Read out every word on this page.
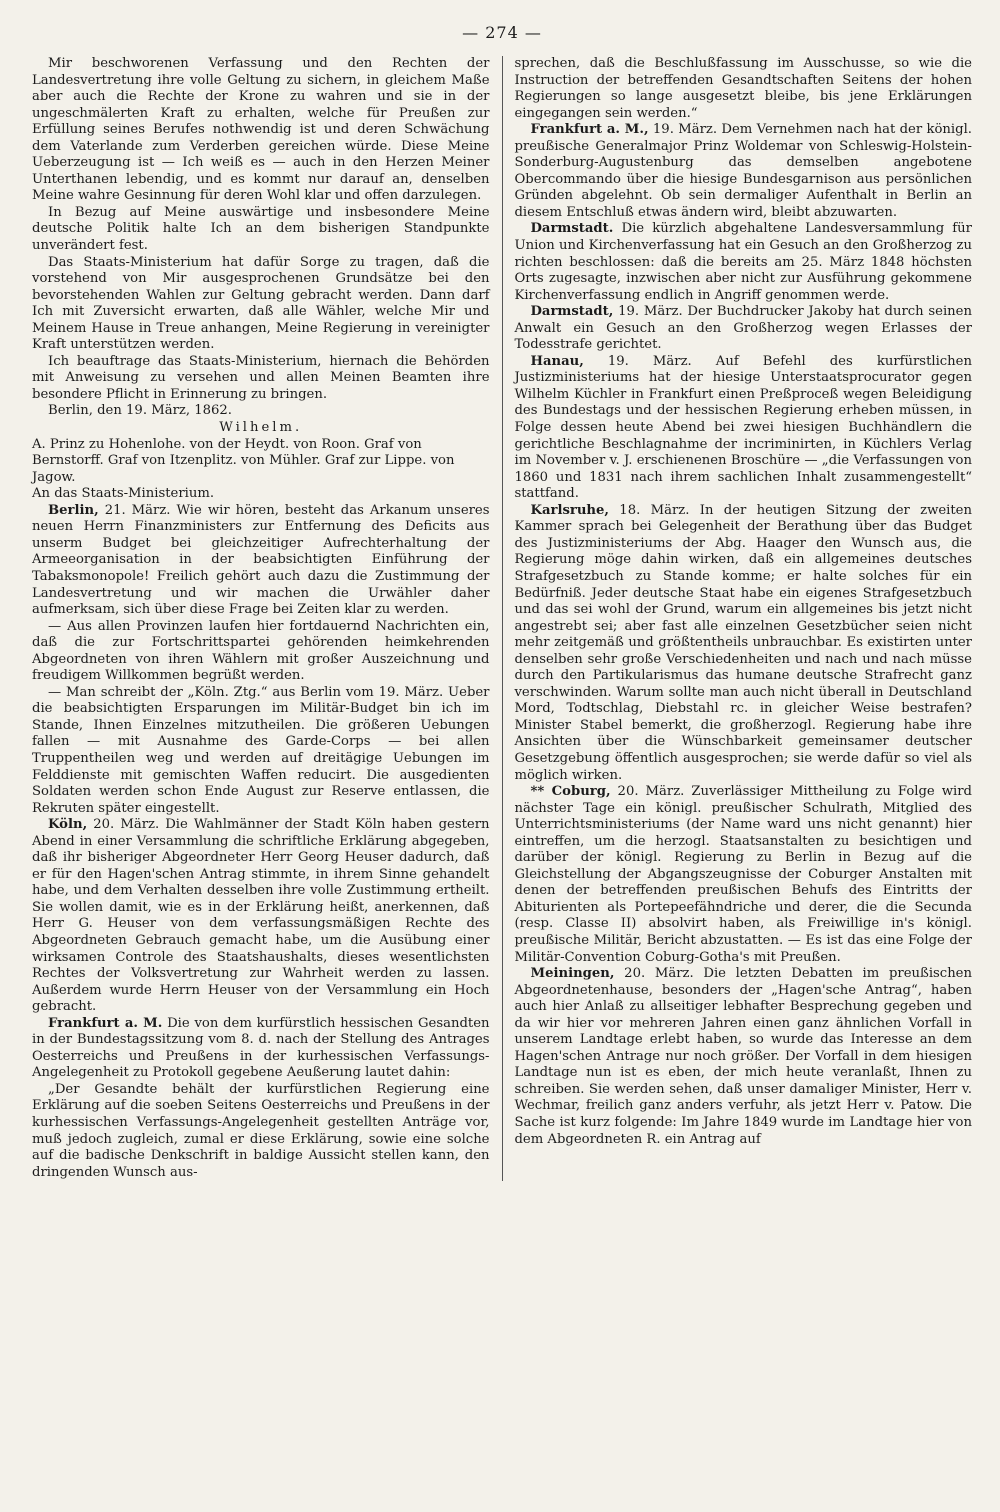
— 274 —

Mir beschworenen Verfassung und den Rechten der Landesvertretung ihre volle Geltung zu sichern, in gleichem Maße aber auch die Rechte der Krone zu wahren und sie in der ungeschmälerten Kraft zu erhalten, welche für Preußen zur Erfüllung seines Berufes nothwendig ist und deren Schwächung dem Vaterlande zum Verderben gereichen würde. Diese Meine Ueberzeugung ist — Ich weiß es — auch in den Herzen Meiner Unterthanen lebendig, und es kommt nur darauf an, denselben Meine wahre Gesinnung für deren Wohl klar und offen darzulegen.

In Bezug auf Meine auswärtige und insbesondere Meine deutsche Politik halte Ich an dem bisherigen Standpunkte unverändert fest.

Das Staats-Ministerium hat dafür Sorge zu tragen, daß die vorstehend von Mir ausgesprochenen Grundsätze bei den bevorstehenden Wahlen zur Geltung gebracht werden. Dann darf Ich mit Zuversicht erwarten, daß alle Wähler, welche Mir und Meinem Hause in Treue anhangen, Meine Regierung in vereinigter Kraft unterstützen werden.

Ich beauftrage das Staats-Ministerium, hiernach die Behörden mit Anweisung zu versehen und allen Meinen Beamten ihre besondere Pflicht in Erinnerung zu bringen.

Berlin, den 19. März, 1862.

Wilhelm.

A. Prinz zu Hohenlohe. von der Heydt. von Roon. Graf von Bernstorff. Graf von Itzenplitz. von Mühler. Graf zur Lippe. von Jagow.

An das Staats-Ministerium.

Berlin, 21. März. Wie wir hören, besteht das Arkanum unseres neuen Herrn Finanzministers zur Entfernung des Deficits aus unserm Budget bei gleichzeitiger Aufrechterhaltung der Armeeorganisation in der beabsichtigten Einführung der Tabaksmonopole! Freilich gehört auch dazu die Zustimmung der Landesvertretung und wir machen die Urwähler daher aufmerksam, sich über diese Frage bei Zeiten klar zu werden.

— Aus allen Provinzen laufen hier fortdauernd Nachrichten ein, daß die zur Fortschrittspartei gehörenden heimkehrenden Abgeordneten von ihren Wählern mit großer Auszeichnung und freudigem Willkommen begrüßt werden.

— Man schreibt der „Köln. Ztg.“ aus Berlin vom 19. März. Ueber die beabsichtigten Ersparungen im Militär-Budget bin ich im Stande, Ihnen Einzelnes mitzutheilen. Die größeren Uebungen fallen — mit Ausnahme des Garde-Corps — bei allen Truppentheilen weg und werden auf dreitägige Uebungen im Felddienste mit gemischten Waffen reducirt. Die ausgedienten Soldaten werden schon Ende August zur Reserve entlassen, die Rekruten später eingestellt.

Köln, 20. März. Die Wahlmänner der Stadt Köln haben gestern Abend in einer Versammlung die schriftliche Erklärung abgegeben, daß ihr bisheriger Abgeordneter Herr Georg Heuser dadurch, daß er für den Hagen'schen Antrag stimmte, in ihrem Sinne gehandelt habe, und dem Verhalten desselben ihre volle Zustimmung ertheilt. Sie wollen damit, wie es in der Erklärung heißt, anerkennen, daß Herr G. Heuser von dem verfassungsmäßigen Rechte des Abgeordneten Gebrauch gemacht habe, um die Ausübung einer wirksamen Controle des Staatshaushalts, dieses wesentlichsten Rechtes der Volksvertretung zur Wahrheit werden zu lassen. Außerdem wurde Herrn Heuser von der Versammlung ein Hoch gebracht.

Frankfurt a. M. Die von dem kurfürstlich hessischen Gesandten in der Bundestagssitzung vom 8. d. nach der Stellung des Antrages Oesterreichs und Preußens in der kurhessischen Verfassungs-Angelegenheit zu Protokoll gegebene Aeußerung lautet dahin:

„Der Gesandte behält der kurfürstlichen Regierung eine Erklärung auf die soeben Seitens Oesterreichs und Preußens in der kurhessischen Verfassungs-Angelegenheit gestellten Anträge vor, muß jedoch zugleich, zumal er diese Erklärung, sowie eine solche auf die badische Denkschrift in baldige Aussicht stellen kann, den dringenden Wunsch aus-

sprechen, daß die Beschlußfassung im Ausschusse, so wie die Instruction der betreffenden Gesandtschaften Seitens der hohen Regierungen so lange ausgesetzt bleibe, bis jene Erklärungen eingegangen sein werden.“

Frankfurt a. M., 19. März. Dem Vernehmen nach hat der königl. preußische Generalmajor Prinz Woldemar von Schleswig-Holstein-Sonderburg-Augustenburg das demselben angebotene Obercommando über die hiesige Bundesgarnison aus persönlichen Gründen abgelehnt. Ob sein dermaliger Aufenthalt in Berlin an diesem Entschluß etwas ändern wird, bleibt abzuwarten.

Darmstadt. Die kürzlich abgehaltene Landesversammlung für Union und Kirchenverfassung hat ein Gesuch an den Großherzog zu richten beschlossen: daß die bereits am 25. März 1848 höchsten Orts zugesagte, inzwischen aber nicht zur Ausführung gekommene Kirchenverfassung endlich in Angriff genommen werde.

Darmstadt, 19. März. Der Buchdrucker Jakoby hat durch seinen Anwalt ein Gesuch an den Großherzog wegen Erlasses der Todesstrafe gerichtet.

Hanau, 19. März. Auf Befehl des kurfürstlichen Justizministeriums hat der hiesige Unterstaatsprocurator gegen Wilhelm Küchler in Frankfurt einen Preßproceß wegen Beleidigung des Bundestags und der hessischen Regierung erheben müssen, in Folge dessen heute Abend bei zwei hiesigen Buchhändlern die gerichtliche Beschlagnahme der incriminirten, in Küchlers Verlag im November v. J. erschienenen Broschüre — „die Verfassungen von 1860 und 1831 nach ihrem sachlichen Inhalt zusammengestellt“ stattfand.

Karlsruhe, 18. März. In der heutigen Sitzung der zweiten Kammer sprach bei Gelegenheit der Berathung über das Budget des Justizministeriums der Abg. Haager den Wunsch aus, die Regierung möge dahin wirken, daß ein allgemeines deutsches Strafgesetzbuch zu Stande komme; er halte solches für ein Bedürfniß. Jeder deutsche Staat habe ein eigenes Strafgesetzbuch und das sei wohl der Grund, warum ein allgemeines bis jetzt nicht angestrebt sei; aber fast alle einzelnen Gesetzbücher seien nicht mehr zeitgemäß und größtentheils unbrauchbar. Es existirten unter denselben sehr große Verschiedenheiten und nach und nach müsse durch den Partikularismus das humane deutsche Strafrecht ganz verschwinden. Warum sollte man auch nicht überall in Deutschland Mord, Todtschlag, Diebstahl rc. in gleicher Weise bestrafen? Minister Stabel bemerkt, die großherzogl. Regierung habe ihre Ansichten über die Wünschbarkeit gemeinsamer deutscher Gesetzgebung öffentlich ausgesprochen; sie werde dafür so viel als möglich wirken.

** Coburg, 20. März. Zuverlässiger Mittheilung zu Folge wird nächster Tage ein königl. preußischer Schulrath, Mitglied des Unterrichtsministeriums (der Name ward uns nicht genannt) hier eintreffen, um die herzogl. Staatsanstalten zu besichtigen und darüber der königl. Regierung zu Berlin in Bezug auf die Gleichstellung der Abgangszeugnisse der Coburger Anstalten mit denen der betreffenden preußischen Behufs des Eintritts der Abiturienten als Portepeefähndriche und derer, die die Secunda (resp. Classe II) absolvirt haben, als Freiwillige in's königl. preußische Militär, Bericht abzustatten. — Es ist das eine Folge der Militär-Convention Coburg-Gotha's mit Preußen.

Meiningen, 20. März. Die letzten Debatten im preußischen Abgeordnetenhause, besonders der „Hagen'sche Antrag“, haben auch hier Anlaß zu allseitiger lebhafter Besprechung gegeben und da wir hier vor mehreren Jahren einen ganz ähnlichen Vorfall in unserem Landtage erlebt haben, so wurde das Interesse an dem Hagen'schen Antrage nur noch größer. Der Vorfall in dem hiesigen Landtage nun ist es eben, der mich heute veranlaßt, Ihnen zu schreiben. Sie werden sehen, daß unser damaliger Minister, Herr v. Wechmar, freilich ganz anders verfuhr, als jetzt Herr v. Patow. Die Sache ist kurz folgende: Im Jahre 1849 wurde im Landtage hier von dem Abgeordneten R. ein Antrag auf
